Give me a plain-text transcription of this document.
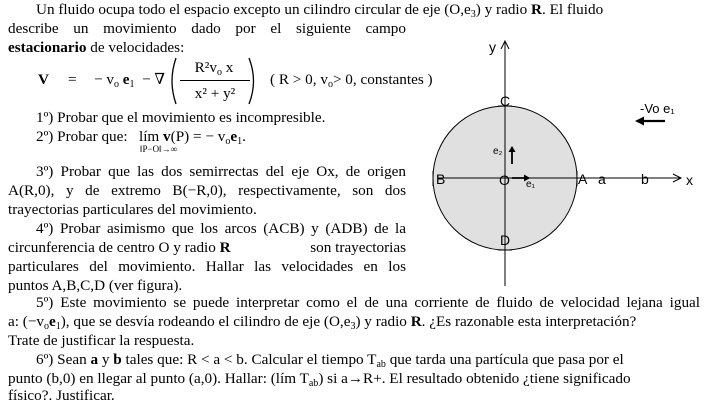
Un fluido ocupa todo el espacio excepto un cilindro circular de eje $(O,e_3)$ y radio R. El fluido
describe un movimiento dado por el siguiente campo
estacionario de velocidades:
V = − $v_o$ $e_1$ − ∇
$R^2v_o$ x
x² + y²
( R > 0, $v_o> 0$, constantes )
1º) Probar que el movimiento es incompresible.
2º) Probar que: lím v(P) = − $v_oe_1$.
‖P−O‖→∞
3º) Probar que las dos semirrectas del eje Ox, de origen
A(R,0), y de extremo B(−R,0), respectivamente, son dos
trayectorias particulares del movimiento.
4º) Probar asimismo que los arcos (ACB) y (ADB) de la
circunferencia de centro O y radio R	son trayectorias
particulares del movimiento. Hallar las velocidades en los
puntos A,B,C,D (ver figura).
5º) Este movimiento se puede interpretar como el de una corriente de fluido de velocidad lejana igual
a: $(-v_oe_1)$, que se desvía rodeando el cilindro de eje $(O,e_3)$ y radio R. ¿Es razonable esta interpretación?
Trate de justificar la respuesta.
6º) Sean a y b tales que: R < a < b. Calcular el tiempo $T_{ab}$ que tarda una partícula que pasa por el
punto (b,0) en llegar al punto (a,0). Hallar: (lím $T_{ab}$) si a→R+. El resultado obtenido ¿tiene significado
físico?. Justificar.
y
x
C
D
B	O	A a	b
e₁
e₂
-Vo e₁
